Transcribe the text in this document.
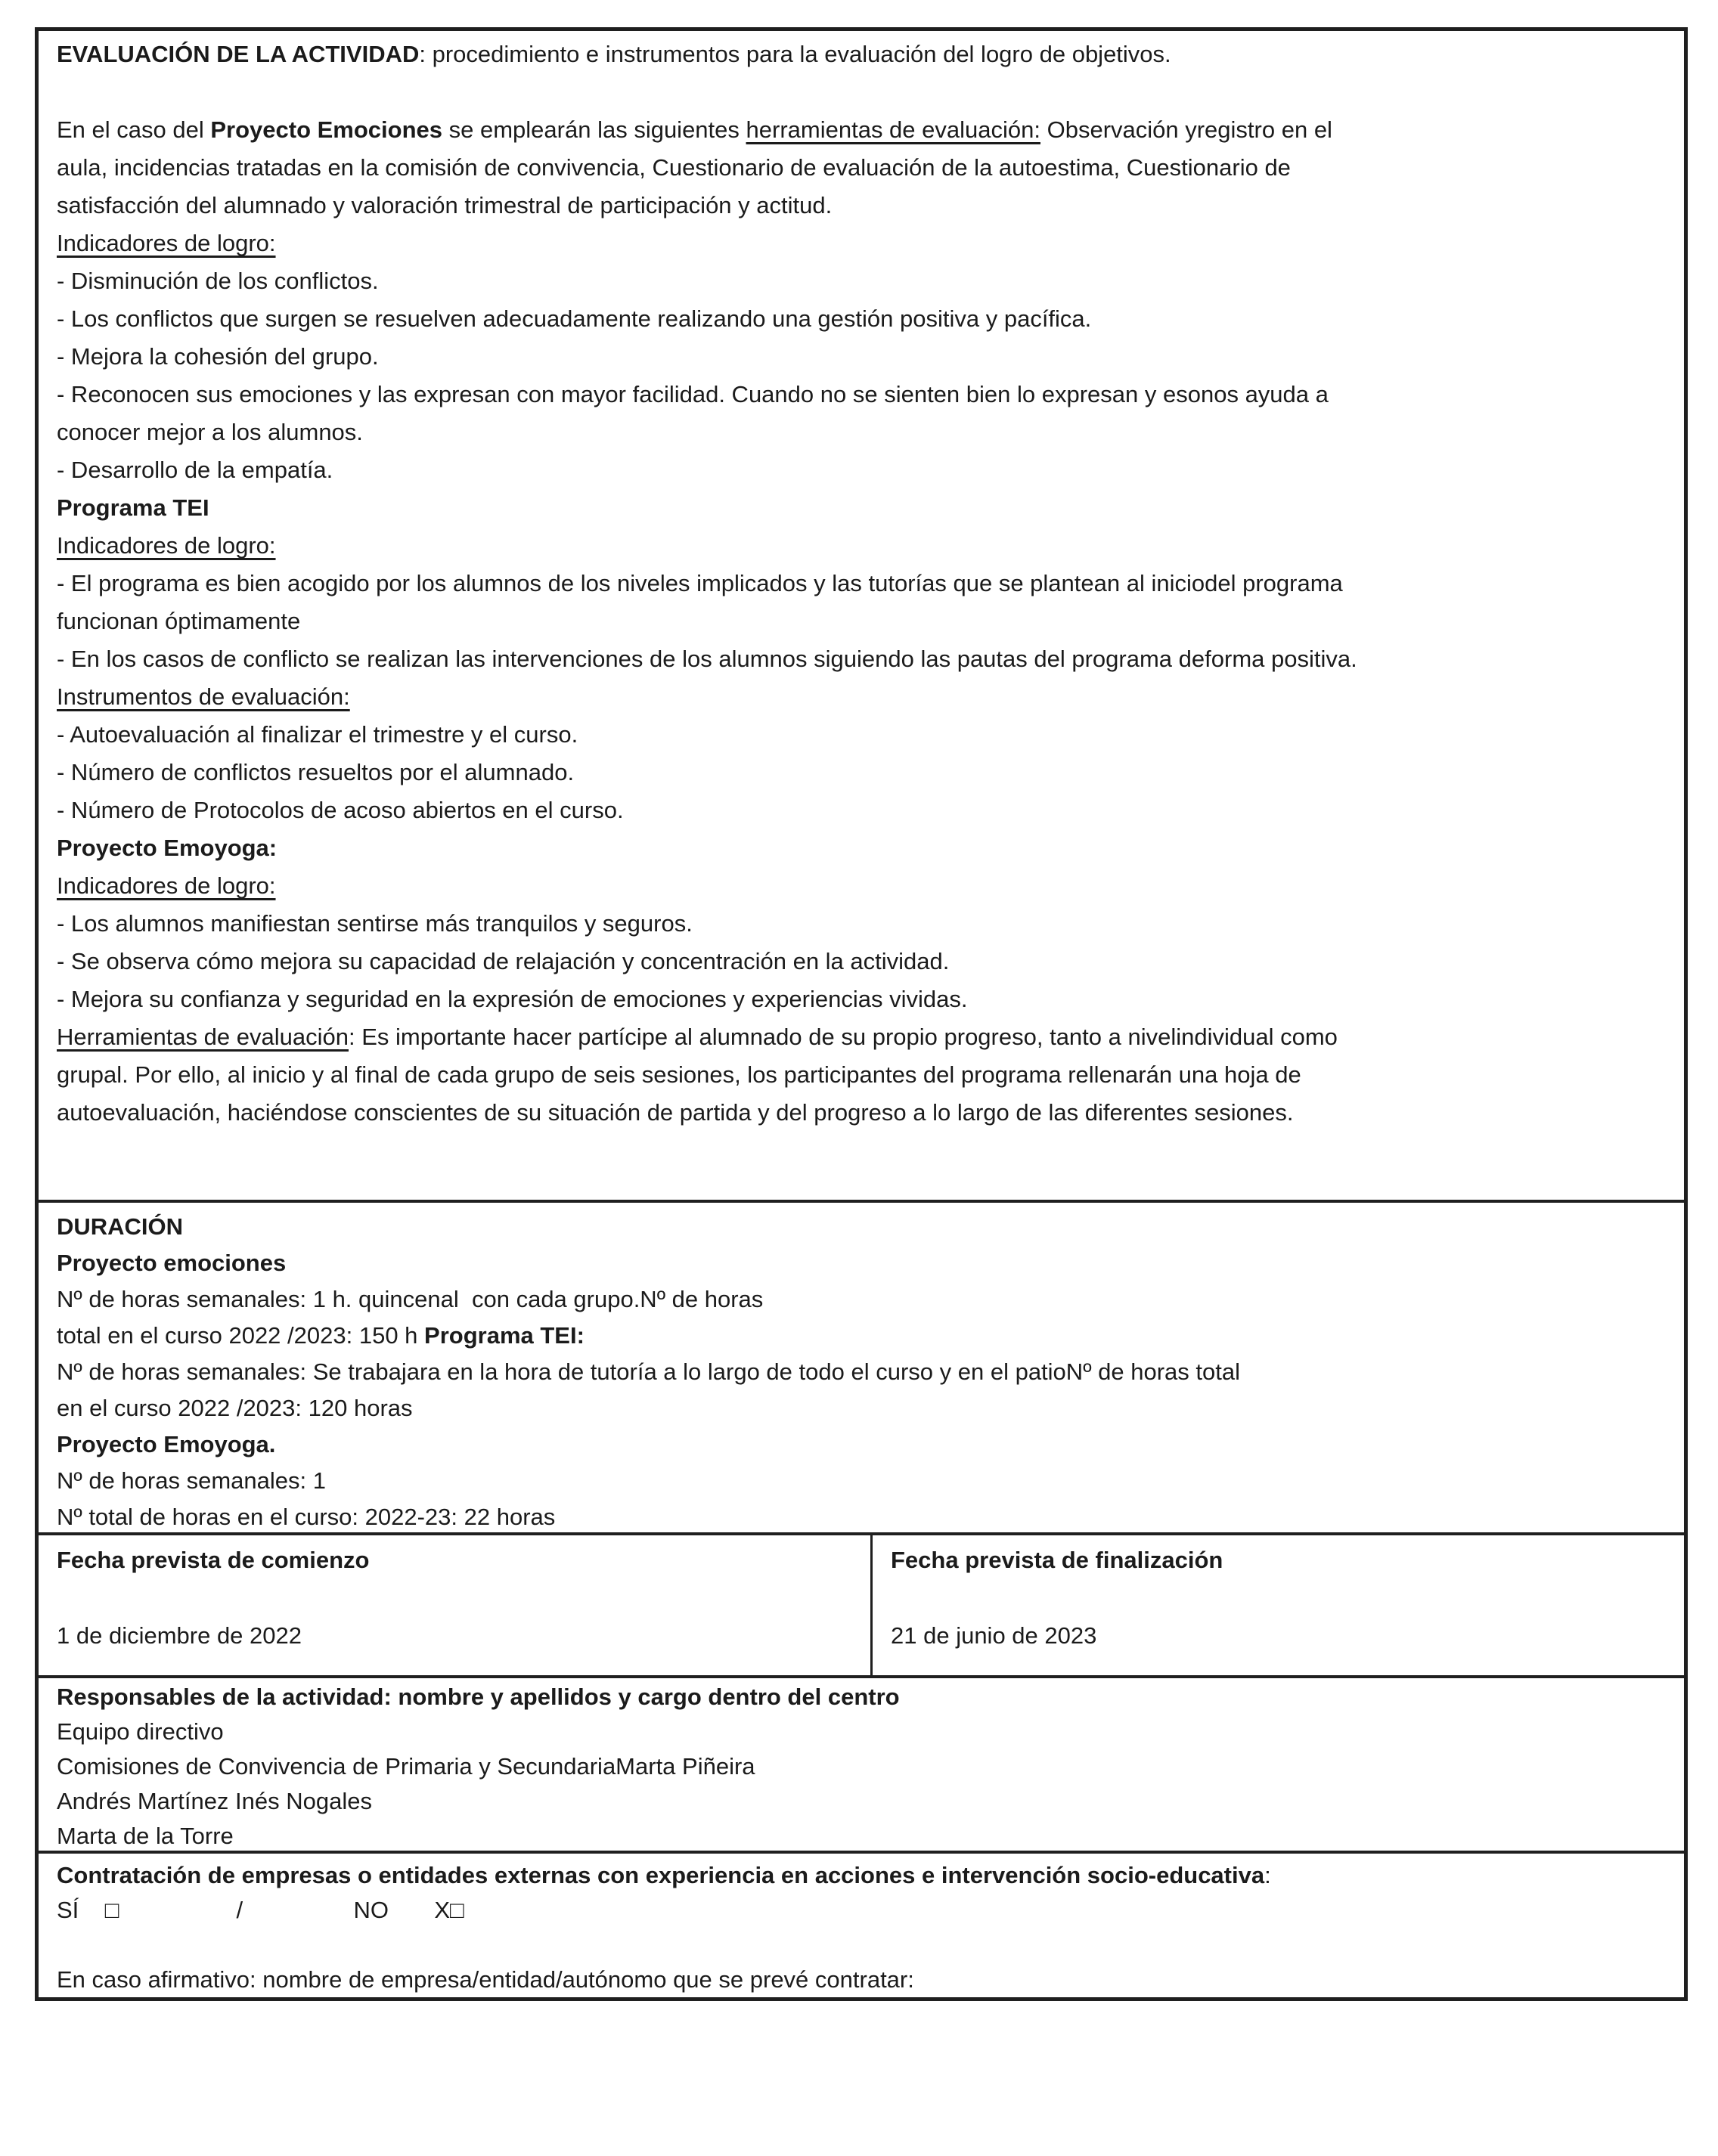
EVALUACIÓN DE LA ACTIVIDAD: procedimiento e instrumentos para la evaluación del logro de objetivos.
En el caso del Proyecto Emociones se emplearán las siguientes herramientas de evaluación: Observación yregistro en el
aula, incidencias tratadas en la comisión de convivencia, Cuestionario de evaluación de la autoestima, Cuestionario de
satisfacción del alumnado y valoración trimestral de participación y actitud.
Indicadores de logro:
- Disminución de los conflictos.
- Los conflictos que surgen se resuelven adecuadamente realizando una gestión positiva y pacífica.
- Mejora la cohesión del grupo.
- Reconocen sus emociones y las expresan con mayor facilidad. Cuando no se sienten bien lo expresan y esonos ayuda a
conocer mejor a los alumnos.
- Desarrollo de la empatía.
Programa TEI
Indicadores de logro:
- El programa es bien acogido por los alumnos de los niveles implicados y las tutorías que se plantean al iniciodel programa
funcionan óptimamente
- En los casos de conflicto se realizan las intervenciones de los alumnos siguiendo las pautas del programa deforma positiva.
Instrumentos de evaluación:
- Autoevaluación al finalizar el trimestre y el curso.
- Número de conflictos resueltos por el alumnado.
- Número de Protocolos de acoso abiertos en el curso.
Proyecto Emoyoga:
Indicadores de logro:
- Los alumnos manifiestan sentirse más tranquilos y seguros.
- Se observa cómo mejora su capacidad de relajación y concentración en la actividad.
- Mejora su confianza y seguridad en la expresión de emociones y experiencias vividas.
Herramientas de evaluación: Es importante hacer partícipe al alumnado de su propio progreso, tanto a nivelindividual como
grupal. Por ello, al inicio y al final de cada grupo de seis sesiones, los participantes del programa rellenarán una hoja de
autoevaluación, haciéndose conscientes de su situación de partida y del progreso a lo largo de las diferentes sesiones.
DURACIÓN
Proyecto emociones
Nº de horas semanales: 1 h. quincenal  con cada grupo.Nº de horas
total en el curso 2022 /2023: 150 h Programa TEI:
Nº de horas semanales: Se trabajara en la hora de tutoría a lo largo de todo el curso y en el patioNº de horas total
en el curso 2022 /2023: 120 horas
Proyecto Emoyoga.
Nº de horas semanales: 1
Nº total de horas en el curso: 2022-23: 22 horas
Fecha prevista de comienzo
1 de diciembre de 2022
Fecha prevista de finalización
21 de junio de 2023
Responsables de la actividad: nombre y apellidos y cargo dentro del centro
Equipo directivo
Comisiones de Convivencia de Primaria y SecundariaMarta Piñeira
Andrés Martínez Inés Nogales
Marta de la Torre
Contratación de empresas o entidades externas con experiencia en acciones e intervención socio-educativa:
SÍ    □                  /                 NO       X□
En caso afirmativo: nombre de empresa/entidad/autónomo que se prevé contratar:
